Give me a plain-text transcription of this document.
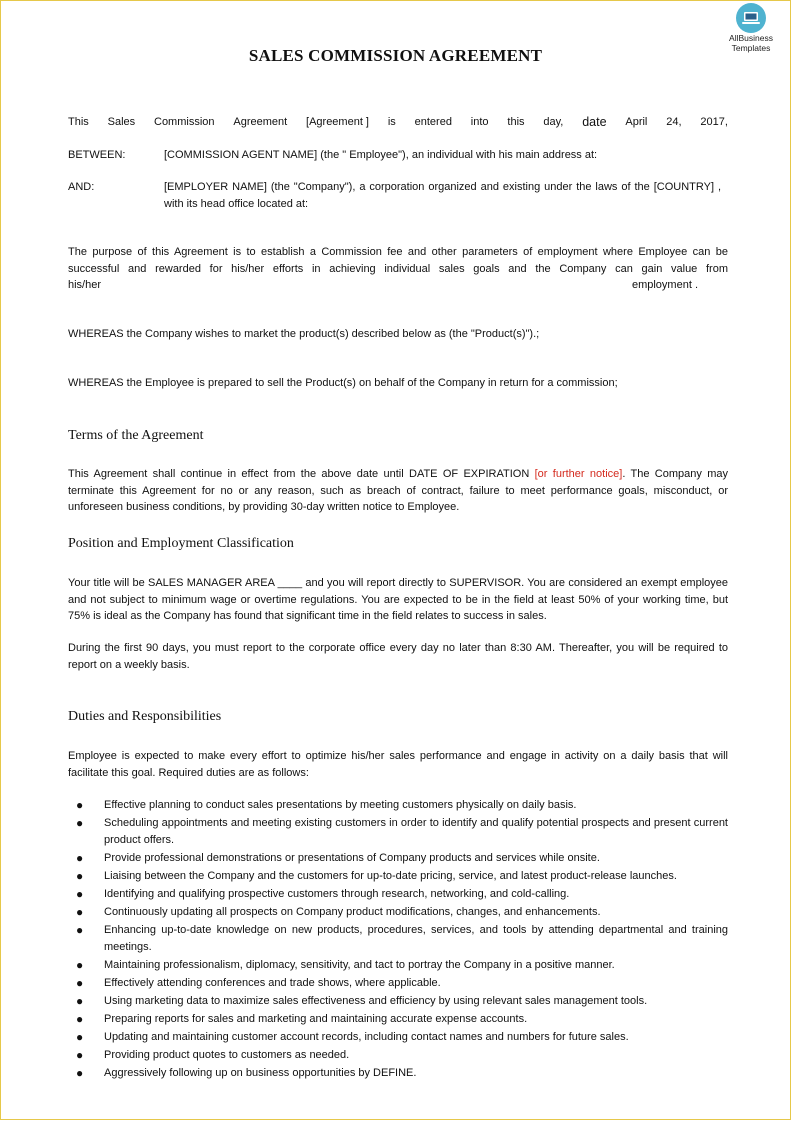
AllBusiness
Templates
SALES COMMISSION AGREEMENT
This Sales Commission Agreement [Agreement ] is entered into this day, date April 24, 2017,
BETWEEN:	[COMMISSION AGENT NAME] (the " Employee"), an individual with his main address at:
AND:	[EMPLOYER NAME] (the "Company"), a corporation organized and existing under the laws of the [COUNTRY] , with its head office located at:
The purpose of this Agreement is to establish a Commission fee and other parameters of employment where Employee can be successful and rewarded for his/her efforts in achieving individual sales goals and the Company can gain value from
his/her	employment .
WHEREAS the Company wishes to market the product(s) described below as (the "Product(s)").;
WHEREAS the Employee is prepared to sell the Product(s) on behalf of the Company in return for a commission;
Terms of the Agreement
This Agreement shall continue in effect from the above date until DATE OF EXPIRATION [or further notice]. The Company may terminate this Agreement for no or any reason, such as breach of contract, failure to meet performance goals, misconduct, or unforeseen business conditions, by providing 30-day written notice to Employee.
Position and Employment Classification
Your title will be SALES MANAGER AREA ____ and you will report directly to SUPERVISOR. You are considered an exempt employee and not subject to minimum wage or overtime regulations. You are expected to be in the field at least 50% of your working time, but 75% is ideal as the Company has found that significant time in the field relates to success in sales.
During the first 90 days, you must report to the corporate office every day no later than 8:30 AM. Thereafter, you will be required to report on a weekly basis.
Duties and Responsibilities
Employee is expected to make every effort to optimize his/her sales performance and engage in activity on a daily basis that will facilitate this goal. Required duties are as follows:
●	Effective planning to conduct sales presentations by meeting customers physically on daily basis.
●	Scheduling appointments and meeting existing customers in order to identify and qualify potential prospects and present current product offers.
●	Provide professional demonstrations or presentations of Company products and services while onsite.
●	Liaising between the Company and the customers for up-to-date pricing, service, and latest product-release launches.
●	Identifying and qualifying prospective customers through research, networking, and cold-calling.
●	Continuously updating all prospects on Company product modifications, changes, and enhancements.
●	Enhancing up-to-date knowledge on new products, procedures, services, and tools by attending departmental and training meetings.
●	Maintaining professionalism, diplomacy, sensitivity, and tact to portray the Company in a positive manner.
●	Effectively attending conferences and trade shows, where applicable.
●	Using marketing data to maximize sales effectiveness and efficiency by using relevant sales management tools.
●	Preparing reports for sales and marketing and maintaining accurate expense accounts.
●	Updating and maintaining customer account records, including contact names and numbers for future sales.
●	Providing product quotes to customers as needed.
●	Aggressively following up on business opportunities by DEFINE.
